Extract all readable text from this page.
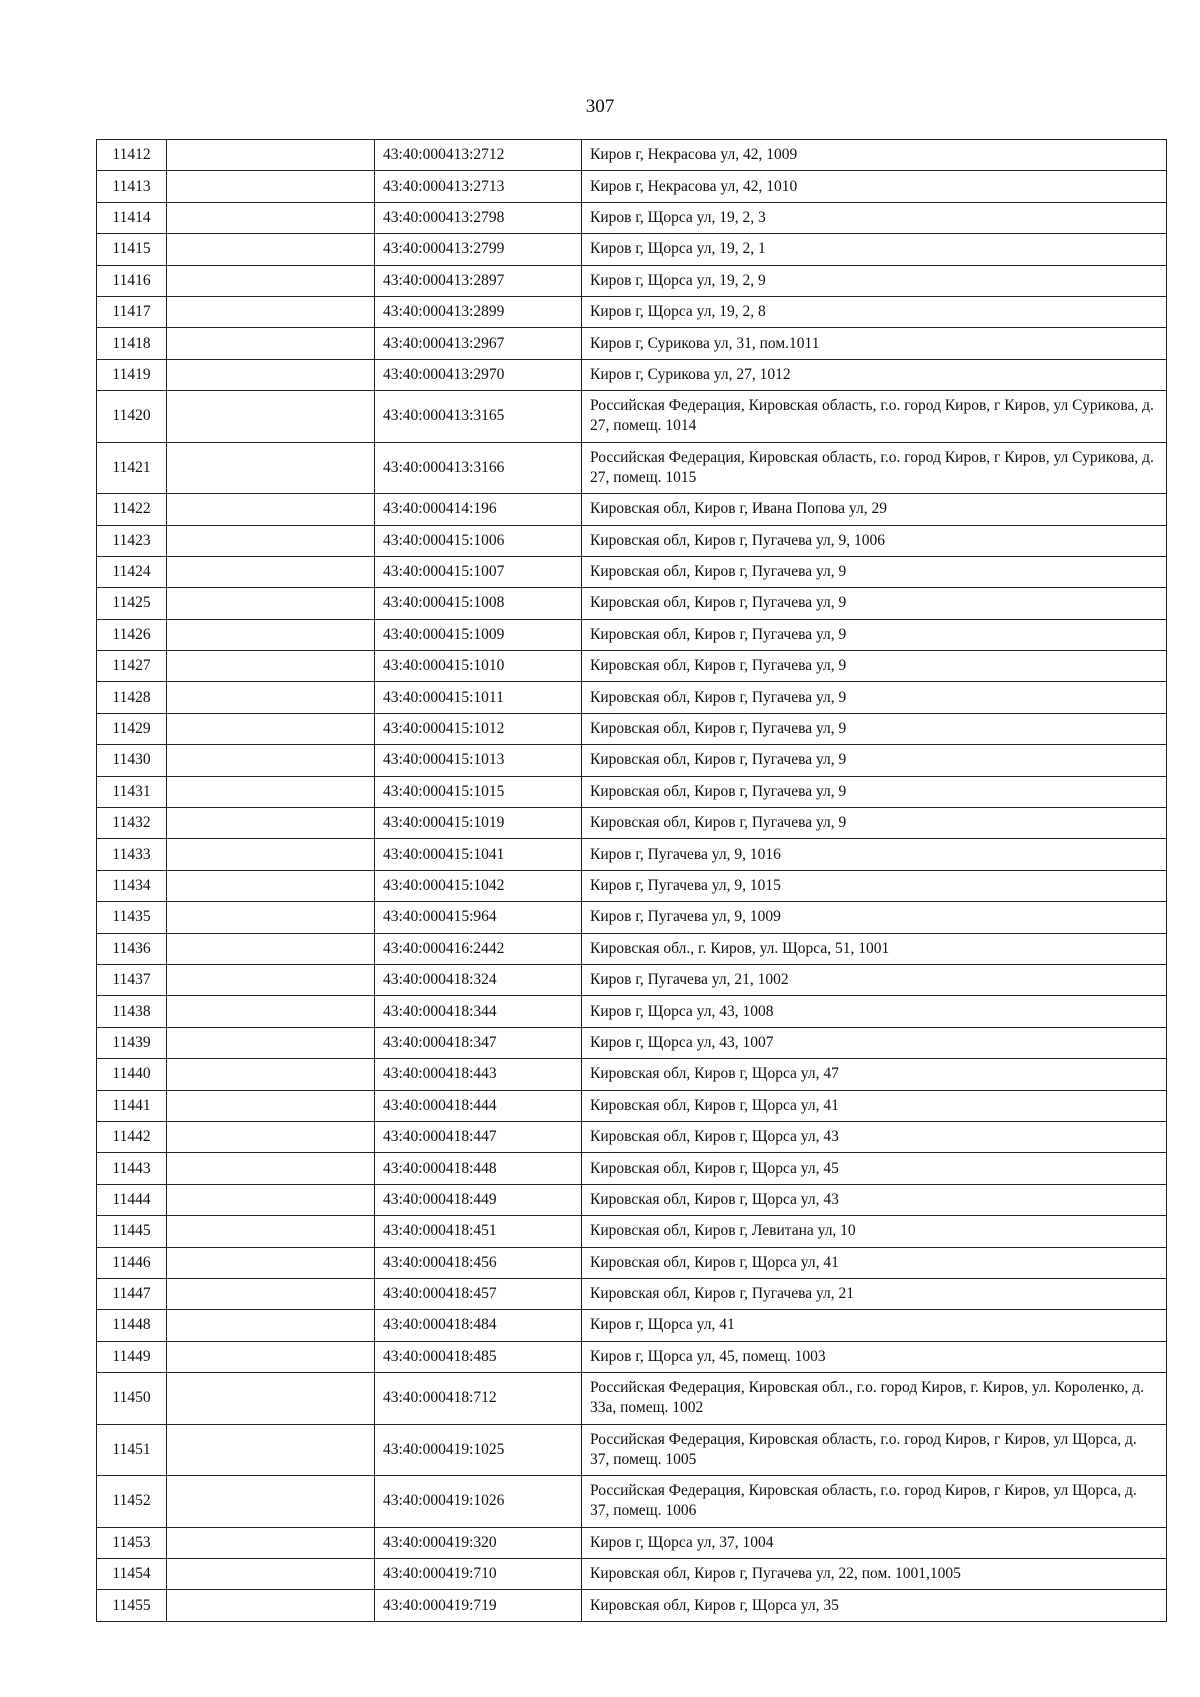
307
11412		43:40:000413:2712	Киров г, Некрасова ул, 42, 1009
11413		43:40:000413:2713	Киров г, Некрасова ул, 42, 1010
11414		43:40:000413:2798	Киров г, Щорса ул, 19, 2, 3
11415		43:40:000413:2799	Киров г, Щорса ул, 19, 2, 1
11416		43:40:000413:2897	Киров г, Щорса ул, 19, 2, 9
11417		43:40:000413:2899	Киров г, Щорса ул, 19, 2, 8
11418		43:40:000413:2967	Киров г, Сурикова ул, 31, пом.1011
11419		43:40:000413:2970	Киров г, Сурикова ул, 27, 1012
11420		43:40:000413:3165	Российская Федерация, Кировская область, г.о. город Киров, г Киров, ул Сурикова, д. 27, помещ. 1014
11421		43:40:000413:3166	Российская Федерация, Кировская область, г.о. город Киров, г Киров, ул Сурикова, д. 27, помещ. 1015
11422		43:40:000414:196	Кировская обл, Киров г, Ивана Попова ул, 29
11423		43:40:000415:1006	Кировская обл, Киров г, Пугачева ул, 9, 1006
11424		43:40:000415:1007	Кировская обл, Киров г, Пугачева ул, 9
11425		43:40:000415:1008	Кировская обл, Киров г, Пугачева ул, 9
11426		43:40:000415:1009	Кировская обл, Киров г, Пугачева ул, 9
11427		43:40:000415:1010	Кировская обл, Киров г, Пугачева ул, 9
11428		43:40:000415:1011	Кировская обл, Киров г, Пугачева ул, 9
11429		43:40:000415:1012	Кировская обл, Киров г, Пугачева ул, 9
11430		43:40:000415:1013	Кировская обл, Киров г, Пугачева ул, 9
11431		43:40:000415:1015	Кировская обл, Киров г, Пугачева ул, 9
11432		43:40:000415:1019	Кировская обл, Киров г, Пугачева ул, 9
11433		43:40:000415:1041	Киров г, Пугачева ул, 9, 1016
11434		43:40:000415:1042	Киров г, Пугачева ул, 9, 1015
11435		43:40:000415:964	Киров г, Пугачева ул, 9, 1009
11436		43:40:000416:2442	Кировская обл., г. Киров, ул. Щорса, 51, 1001
11437		43:40:000418:324	Киров г, Пугачева ул, 21, 1002
11438		43:40:000418:344	Киров г, Щорса ул, 43, 1008
11439		43:40:000418:347	Киров г, Щорса ул, 43, 1007
11440		43:40:000418:443	Кировская обл, Киров г, Щорса ул, 47
11441		43:40:000418:444	Кировская обл, Киров г, Щорса ул, 41
11442		43:40:000418:447	Кировская обл, Киров г, Щорса ул, 43
11443		43:40:000418:448	Кировская обл, Киров г, Щорса ул, 45
11444		43:40:000418:449	Кировская обл, Киров г, Щорса ул, 43
11445		43:40:000418:451	Кировская обл, Киров г, Левитана ул, 10
11446		43:40:000418:456	Кировская обл, Киров г, Щорса ул, 41
11447		43:40:000418:457	Кировская обл, Киров г, Пугачева ул, 21
11448		43:40:000418:484	Киров г, Щорса ул, 41
11449		43:40:000418:485	Киров г, Щорса ул, 45, помещ. 1003
11450		43:40:000418:712	Российская Федерация, Кировская обл., г.о. город Киров, г. Киров, ул. Короленко, д. 33а, помещ. 1002
11451		43:40:000419:1025	Российская Федерация, Кировская область, г.о. город Киров, г Киров, ул Щорса, д. 37, помещ. 1005
11452		43:40:000419:1026	Российская Федерация, Кировская область, г.о. город Киров, г Киров, ул Щорса, д. 37, помещ. 1006
11453		43:40:000419:320	Киров г, Щорса ул, 37, 1004
11454		43:40:000419:710	Кировская обл, Киров г, Пугачева ул, 22, пом. 1001,1005
11455		43:40:000419:719	Кировская обл, Киров г, Щорса ул, 35
